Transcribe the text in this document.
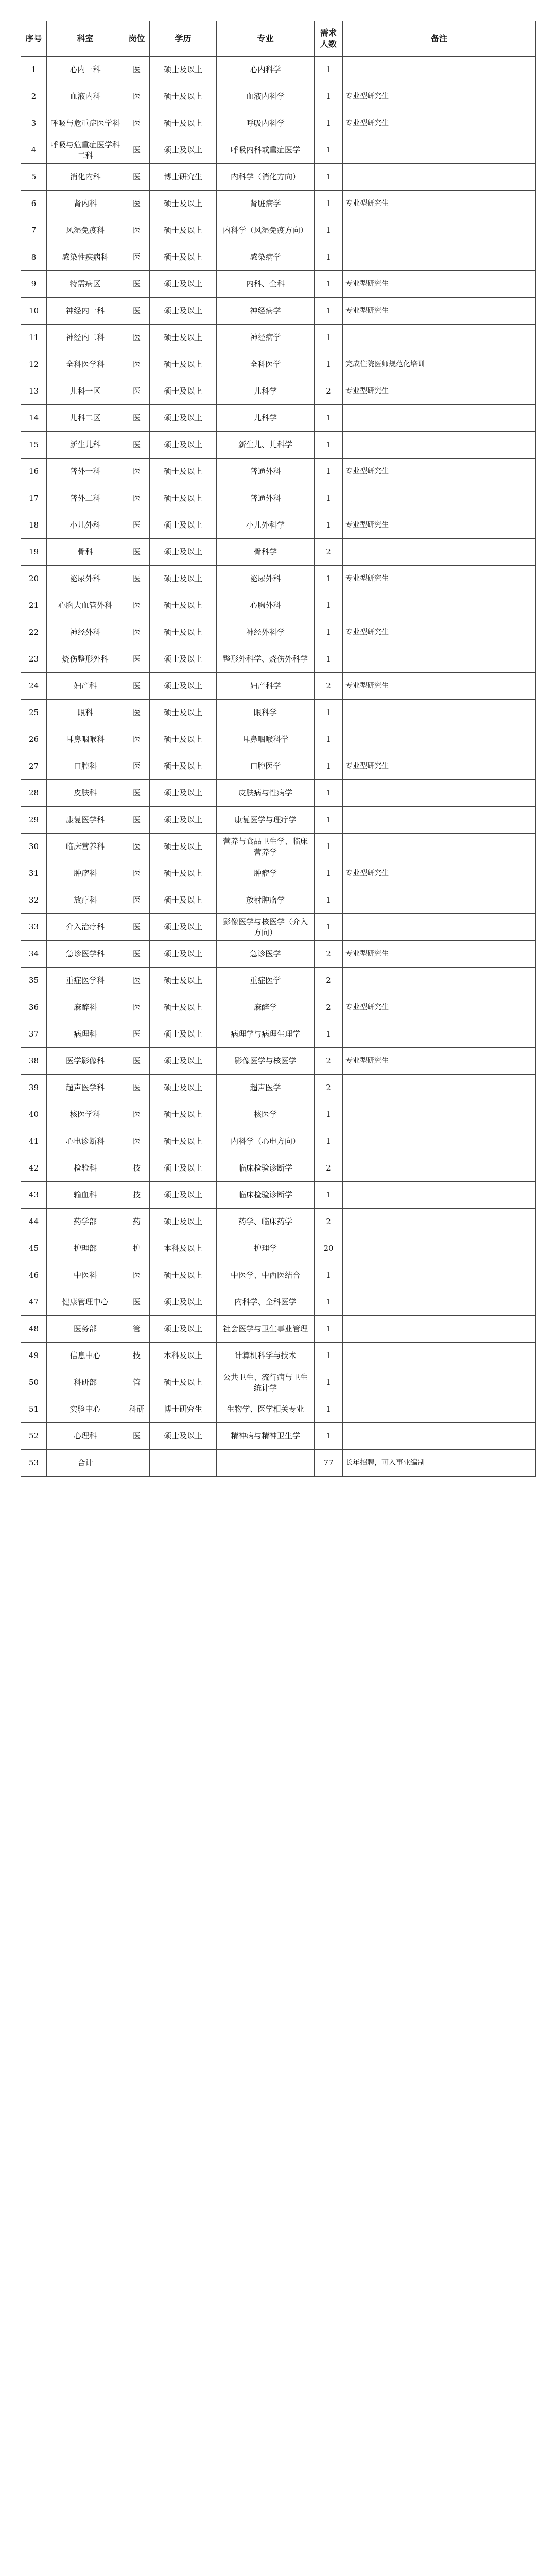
序号	科室	岗位	学历	专业	需求人数	备注
1	心内一科	医	硕士及以上	心内科学	1	
2	血液内科	医	硕士及以上	血液内科学	1	专业型研究生
3	呼吸与危重症医学科	医	硕士及以上	呼吸内科学	1	专业型研究生
4	呼吸与危重症医学科二科	医	硕士及以上	呼吸内科或重症医学	1	
5	消化内科	医	博士研究生	内科学（消化方向）	1	
6	肾内科	医	硕士及以上	肾脏病学	1	专业型研究生
7	风湿免疫科	医	硕士及以上	内科学（风湿免疫方向）	1	
8	感染性疾病科	医	硕士及以上	感染病学	1	
9	特需病区	医	硕士及以上	内科、全科	1	专业型研究生
10	神经内一科	医	硕士及以上	神经病学	1	专业型研究生
11	神经内二科	医	硕士及以上	神经病学	1	
12	全科医学科	医	硕士及以上	全科医学	1	完成住院医师规范化培训
13	儿科一区	医	硕士及以上	儿科学	2	专业型研究生
14	儿科二区	医	硕士及以上	儿科学	1	
15	新生儿科	医	硕士及以上	新生儿、儿科学	1	
16	普外一科	医	硕士及以上	普通外科	1	专业型研究生
17	普外二科	医	硕士及以上	普通外科	1	
18	小儿外科	医	硕士及以上	小儿外科学	1	专业型研究生
19	骨科	医	硕士及以上	骨科学	2	
20	泌尿外科	医	硕士及以上	泌尿外科	1	专业型研究生
21	心胸大血管外科	医	硕士及以上	心胸外科	1	
22	神经外科	医	硕士及以上	神经外科学	1	专业型研究生
23	烧伤整形外科	医	硕士及以上	整形外科学、烧伤外科学	1	
24	妇产科	医	硕士及以上	妇产科学	2	专业型研究生
25	眼科	医	硕士及以上	眼科学	1	
26	耳鼻咽喉科	医	硕士及以上	耳鼻咽喉科学	1	
27	口腔科	医	硕士及以上	口腔医学	1	专业型研究生
28	皮肤科	医	硕士及以上	皮肤病与性病学	1	
29	康复医学科	医	硕士及以上	康复医学与理疗学	1	
30	临床营养科	医	硕士及以上	营养与食品卫生学、临床营养学	1	
31	肿瘤科	医	硕士及以上	肿瘤学	1	专业型研究生
32	放疗科	医	硕士及以上	放射肿瘤学	1	
33	介入治疗科	医	硕士及以上	影像医学与核医学（介入方向）	1	
34	急诊医学科	医	硕士及以上	急诊医学	2	专业型研究生
35	重症医学科	医	硕士及以上	重症医学	2	
36	麻醉科	医	硕士及以上	麻醉学	2	专业型研究生
37	病理科	医	硕士及以上	病理学与病理生理学	1	
38	医学影像科	医	硕士及以上	影像医学与核医学	2	专业型研究生
39	超声医学科	医	硕士及以上	超声医学	2	
40	核医学科	医	硕士及以上	核医学	1	
41	心电诊断科	医	硕士及以上	内科学（心电方向）	1	
42	检验科	技	硕士及以上	临床检验诊断学	2	
43	输血科	技	硕士及以上	临床检验诊断学	1	
44	药学部	药	硕士及以上	药学、临床药学	2	
45	护理部	护	本科及以上	护理学	20	
46	中医科	医	硕士及以上	中医学、中西医结合	1	
47	健康管理中心	医	硕士及以上	内科学、全科医学	1	
48	医务部	管	硕士及以上	社会医学与卫生事业管理	1	
49	信息中心	技	本科及以上	计算机科学与技术	1	
50	科研部	管	硕士及以上	公共卫生、流行病与卫生统计学	1	
51	实验中心	科研	博士研究生	生物学、医学相关专业	1	
52	心理科	医	硕士及以上	精神病与精神卫生学	1	
53	合计				77	长年招聘，可入事业编制
